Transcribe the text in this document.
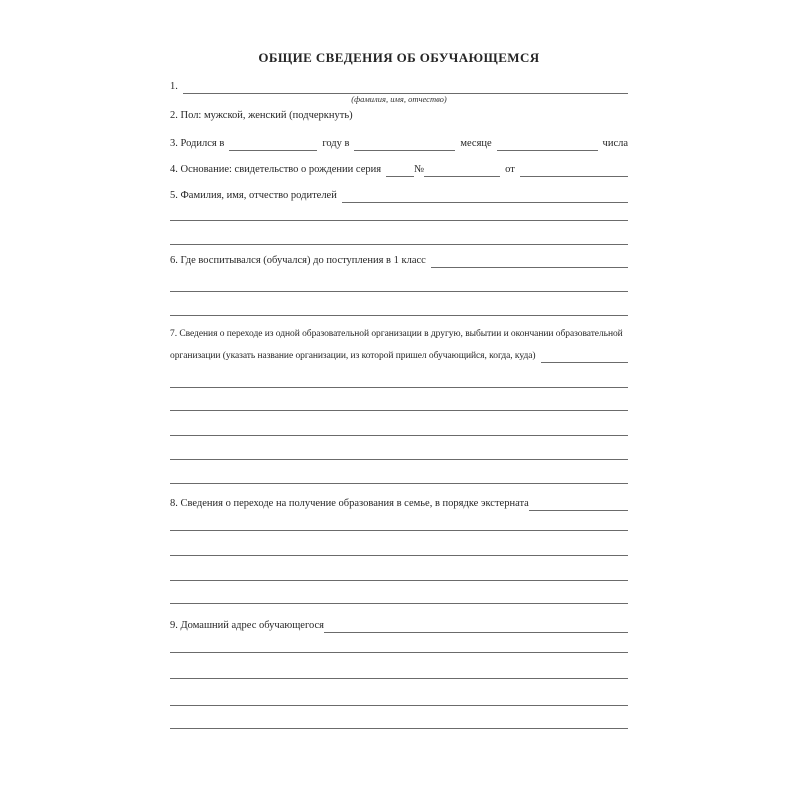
ОБЩИЕ СВЕДЕНИЯ ОБ ОБУЧАЮЩЕМСЯ
1.
(фамилия, имя, отчество)
2. Пол: мужской, женский (подчеркнуть)
3. Родился в	году в	месяце	числа
4. Основание: свидетельство о рождении серия	№	от
5. Фамилия, имя, отчество родителей
6. Где воспитывался (обучался) до поступления в 1 класс
7. Сведения о переходе из одной образовательной организации в другую, выбытии и окончании образовательной
организации (указать название организации, из которой пришел обучающийся, когда, куда)
8. Сведения о переходе на получение образования в семье, в порядке экстерната
9. Домашний адрес обучающегося
